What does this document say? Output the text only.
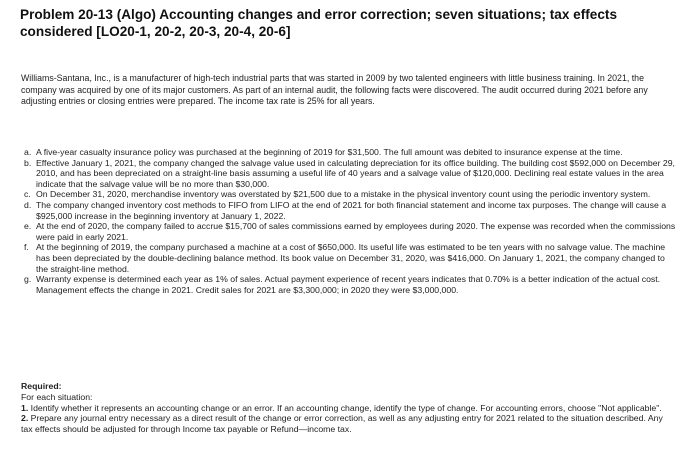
Problem 20-13 (Algo) Accounting changes and error correction; seven situations; tax effects considered [LO20-1, 20-2, 20-3, 20-4, 20-6]
Williams-Santana, Inc., is a manufacturer of high-tech industrial parts that was started in 2009 by two talented engineers with little business training. In 2021, the company was acquired by one of its major customers. As part of an internal audit, the following facts were discovered. The audit occurred during 2021 before any adjusting entries or closing entries were prepared. The income tax rate is 25% for all years.
a. A five-year casualty insurance policy was purchased at the beginning of 2019 for $31,500. The full amount was debited to insurance expense at the time.
b. Effective January 1, 2021, the company changed the salvage value used in calculating depreciation for its office building. The building cost $592,000 on December 29, 2010, and has been depreciated on a straight-line basis assuming a useful life of 40 years and a salvage value of $120,000. Declining real estate values in the area indicate that the salvage value will be no more than $30,000.
c. On December 31, 2020, merchandise inventory was overstated by $21,500 due to a mistake in the physical inventory count using the periodic inventory system.
d. The company changed inventory cost methods to FIFO from LIFO at the end of 2021 for both financial statement and income tax purposes. The change will cause a $925,000 increase in the beginning inventory at January 1, 2022.
e. At the end of 2020, the company failed to accrue $15,700 of sales commissions earned by employees during 2020. The expense was recorded when the commissions were paid in early 2021.
f. At the beginning of 2019, the company purchased a machine at a cost of $650,000. Its useful life was estimated to be ten years with no salvage value. The machine has been depreciated by the double-declining balance method. Its book value on December 31, 2020, was $416,000. On January 1, 2021, the company changed to the straight-line method.
g. Warranty expense is determined each year as 1% of sales. Actual payment experience of recent years indicates that 0.70% is a better indication of the actual cost. Management effects the change in 2021. Credit sales for 2021 are $3,300,000; in 2020 they were $3,000,000.
Required:
For each situation:
1. Identify whether it represents an accounting change or an error. If an accounting change, identify the type of change. For accounting errors, choose "Not applicable".
2. Prepare any journal entry necessary as a direct result of the change or error correction, as well as any adjusting entry for 2021 related to the situation described. Any tax effects should be adjusted for through Income tax payable or Refund—income tax.
